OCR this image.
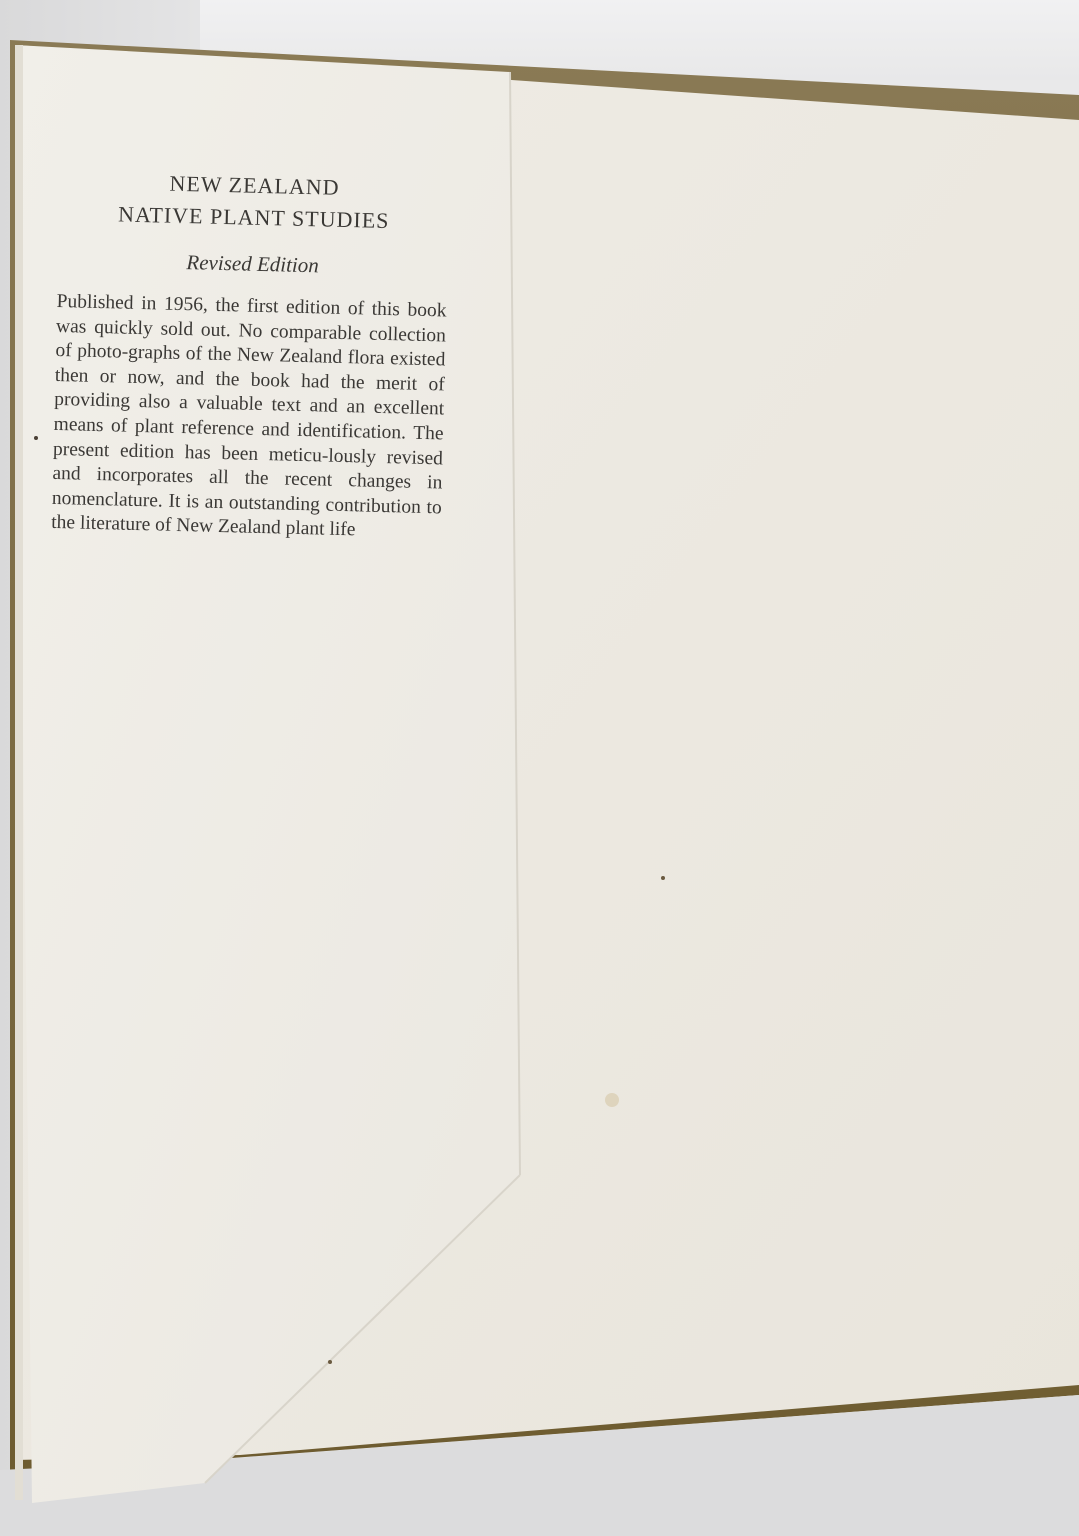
NEW ZEALAND
NATIVE PLANT STUDIES
Revised Edition

Published in 1956, the first edition of this book was quickly sold out. No comparable collection of photo-graphs of the New Zealand flora existed then or now, and the book had the merit of providing also a valuable text and an excellent means of plant reference and identification. The present edition has been meticu-lously revised and incorporates all the recent changes in nomenclature. It is an outstanding contribution to the literature of New Zealand plant life
